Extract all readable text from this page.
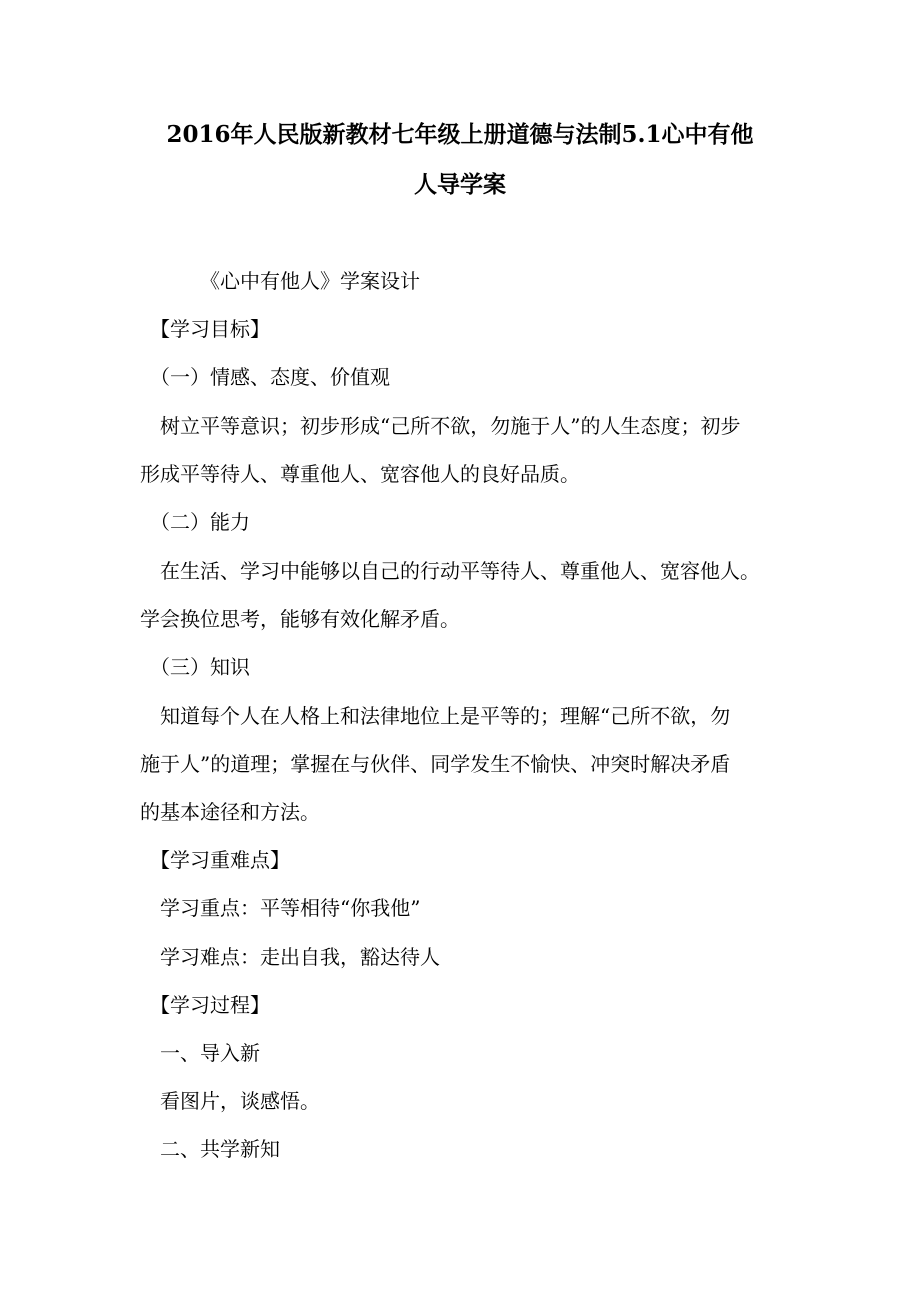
2016年人民版新教材七年级上册道德与法制5.1心中有他
人导学案
《心中有他人》学案设计
【学习目标】
（一）情感、态度、价值观
树立平等意识；初步形成“己所不欲，勿施于人”的人生态度；初步
形成平等待人、尊重他人、宽容他人的良好品质。
（二）能力
在生活、学习中能够以自己的行动平等待人、尊重他人、宽容他人。
学会换位思考，能够有效化解矛盾。
（三）知识
知道每个人在人格上和法律地位上是平等的；理解“己所不欲，勿
施于人”的道理；掌握在与伙伴、同学发生不愉快、冲突时解决矛盾
的基本途径和方法。
【学习重难点】
学习重点：平等相待“你我他”
学习难点：走出自我，豁达待人
【学习过程】
一、导入新
看图片，谈感悟。
二、共学新知
